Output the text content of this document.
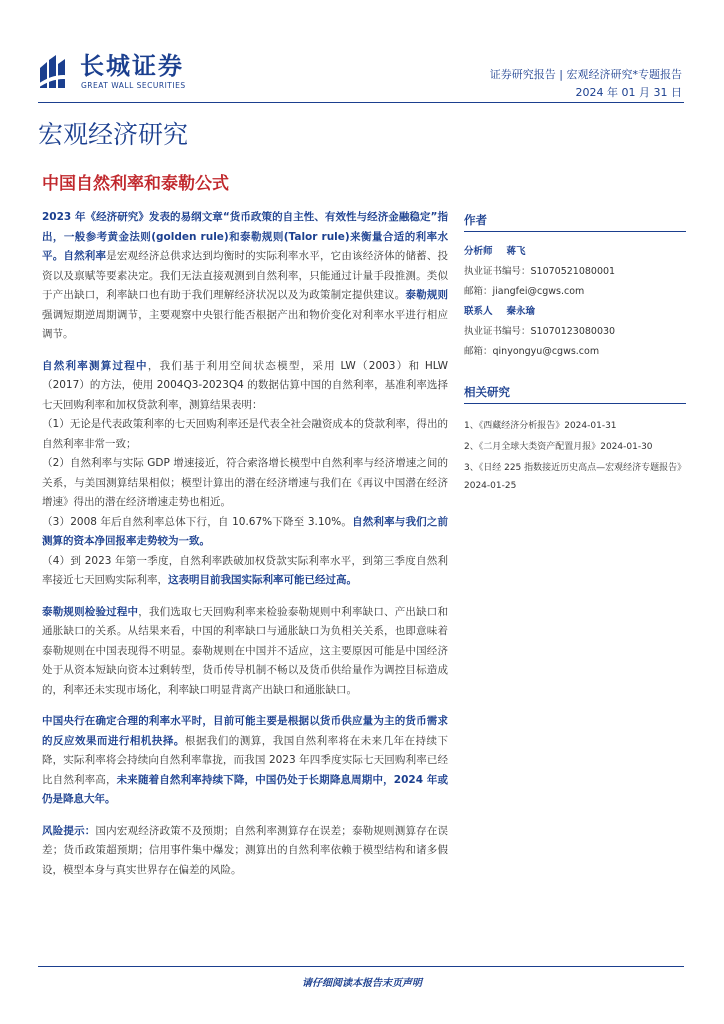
长城证券
GREAT WALL SECURITIES
证券研究报告 | 宏观经济研究*专题报告
2024 年 01 月 31 日
宏观经济研究
中国自然利率和泰勒公式

2023 年《经济研究》发表的易纲文章“货币政策的自主性、有效性与经济金融稳定”指出，一般参考黄金法则(golden rule)和泰勒规则(Talor rule)来衡量合适的利率水平。自然利率是宏观经济总供求达到均衡时的实际利率水平，它由该经济体的储蓄、投资以及禀赋等要素决定。我们无法直接观测到自然利率，只能通过计量手段推测。类似于产出缺口，利率缺口也有助于我们理解经济状况以及为政策制定提供建议。泰勒规则强调短期逆周期调节，主要观察中央银行能否根据产出和物价变化对利率水平进行相应调节。

自然利率测算过程中，我们基于利用空间状态模型，采用 LW（2003）和 HLW（2017）的方法，使用 2004Q3-2023Q4 的数据估算中国的自然利率，基准利率选择七天回购利率和加权贷款利率，测算结果表明：

（1）无论是代表政策利率的七天回购利率还是代表全社会融资成本的贷款利率，得出的自然利率非常一致；

（2）自然利率与实际 GDP 增速接近，符合索洛增长模型中自然利率与经济增速之间的关系，与美国测算结果相似；模型计算出的潜在经济增速与我们在《再议中国潜在经济增速》得出的潜在经济增速走势也相近。

（3）2008 年后自然利率总体下行，自 10.67%下降至 3.10%。自然利率与我们之前测算的资本净回报率走势较为一致。

（4）到 2023 年第一季度，自然利率跌破加权贷款实际利率水平，到第三季度自然利率接近七天回购实际利率，这表明目前我国实际利率可能已经过高。

泰勒规则检验过程中，我们选取七天回购利率来检验泰勒规则中利率缺口、产出缺口和通胀缺口的关系。从结果来看，中国的利率缺口与通胀缺口为负相关关系，也即意味着泰勒规则在中国表现得不明显。泰勒规则在中国并不适应，这主要原因可能是中国经济处于从资本短缺向资本过剩转型，货币传导机制不畅以及货币供给量作为调控目标造成的，利率还未实现市场化，利率缺口明显背离产出缺口和通胀缺口。

中国央行在确定合理的利率水平时，目前可能主要是根据以货币供应量为主的货币需求的反应效果而进行相机抉择。根据我们的测算，我国自然利率将在未来几年在持续下降，实际利率将会持续向自然利率靠拢，而我国 2023 年四季度实际七天回购利率已经比自然利率高，未来随着自然利率持续下降，中国仍处于长期降息周期中，2024 年或仍是降息大年。

风险提示：国内宏观经济政策不及预期；自然利率测算存在误差；泰勒规则测算存在误差；货币政策超预期；信用事件集中爆发；测算出的自然利率依赖于模型结构和诸多假设，模型本身与真实世界存在偏差的风险。

作者
分析师 蒋飞
执业证书编号：S1070521080001
邮箱：jiangfei@cgws.com
联系人 秦永瑜
执业证书编号：S1070123080030
邮箱：qinyongyu@cgws.com
相关研究
1、《西藏经济分析报告》2024-01-31
2、《二月全球大类资产配置月报》2024-01-30
3、《日经 225 指数接近历史高点—宏观经济专题报告》2024-01-25
请仔细阅读本报告末页声明
